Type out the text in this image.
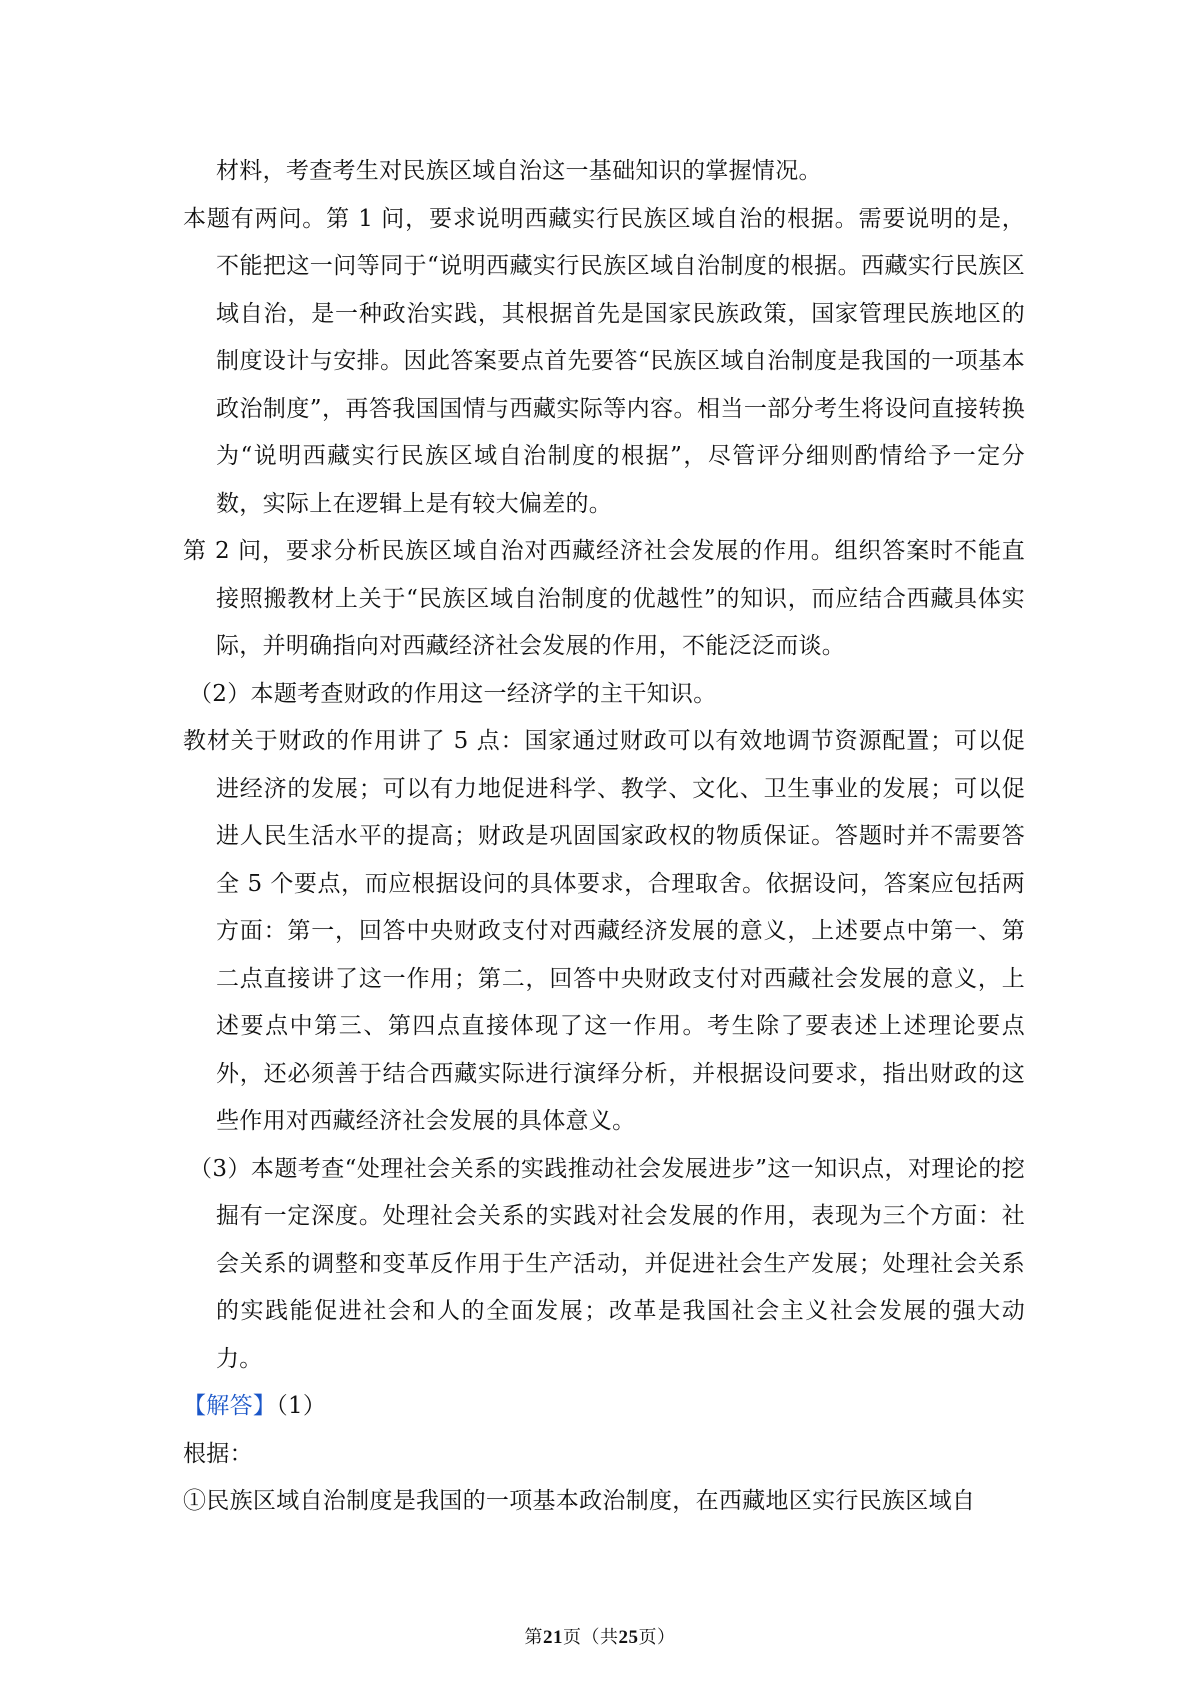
材料，考查考生对民族区域自治这一基础知识的掌握情况。

本题有两问。第 1 问，要求说明西藏实行民族区域自治的根据。需要说明的是，不能把这一问等同于“说明西藏实行民族区域自治制度的根据。西藏实行民族区域自治，是一种政治实践，其根据首先是国家民族政策，国家管理民族地区的制度设计与安排。因此答案要点首先要答“民族区域自治制度是我国的一项基本政治制度”，再答我国国情与西藏实际等内容。相当一部分考生将设问直接转换为“说明西藏实行民族区域自治制度的根据”，尽管评分细则酌情给予一定分数，实际上在逻辑上是有较大偏差的。

第 2 问，要求分析民族区域自治对西藏经济社会发展的作用。组织答案时不能直接照搬教材上关于“民族区域自治制度的优越性”的知识，而应结合西藏具体实际，并明确指向对西藏经济社会发展的作用，不能泛泛而谈。

（2）本题考查财政的作用这一经济学的主干知识。

教材关于财政的作用讲了 5 点：国家通过财政可以有效地调节资源配置；可以促进经济的发展；可以有力地促进科学、教学、文化、卫生事业的发展；可以促进人民生活水平的提高；财政是巩固国家政权的物质保证。答题时并不需要答全 5 个要点，而应根据设问的具体要求，合理取舍。依据设问，答案应包括两方面：第一，回答中央财政支付对西藏经济发展的意义，上述要点中第一、第二点直接讲了这一作用；第二，回答中央财政支付对西藏社会发展的意义，上述要点中第三、第四点直接体现了这一作用。考生除了要表述上述理论要点外，还必须善于结合西藏实际进行演绎分析，并根据设问要求，指出财政的这些作用对西藏经济社会发展的具体意义。

（3）本题考查“处理社会关系的实践推动社会发展进步”这一知识点，对理论的挖掘有一定深度。处理社会关系的实践对社会发展的作用，表现为三个方面：社会关系的调整和变革反作用于生产活动，并促进社会生产发展；处理社会关系的实践能促进社会和人的全面发展；改革是我国社会主义社会发展的强大动力。

【解答】（1）

根据：

①民族区域自治制度是我国的一项基本政治制度，在西藏地区实行民族区域自

第21页（共25页）
